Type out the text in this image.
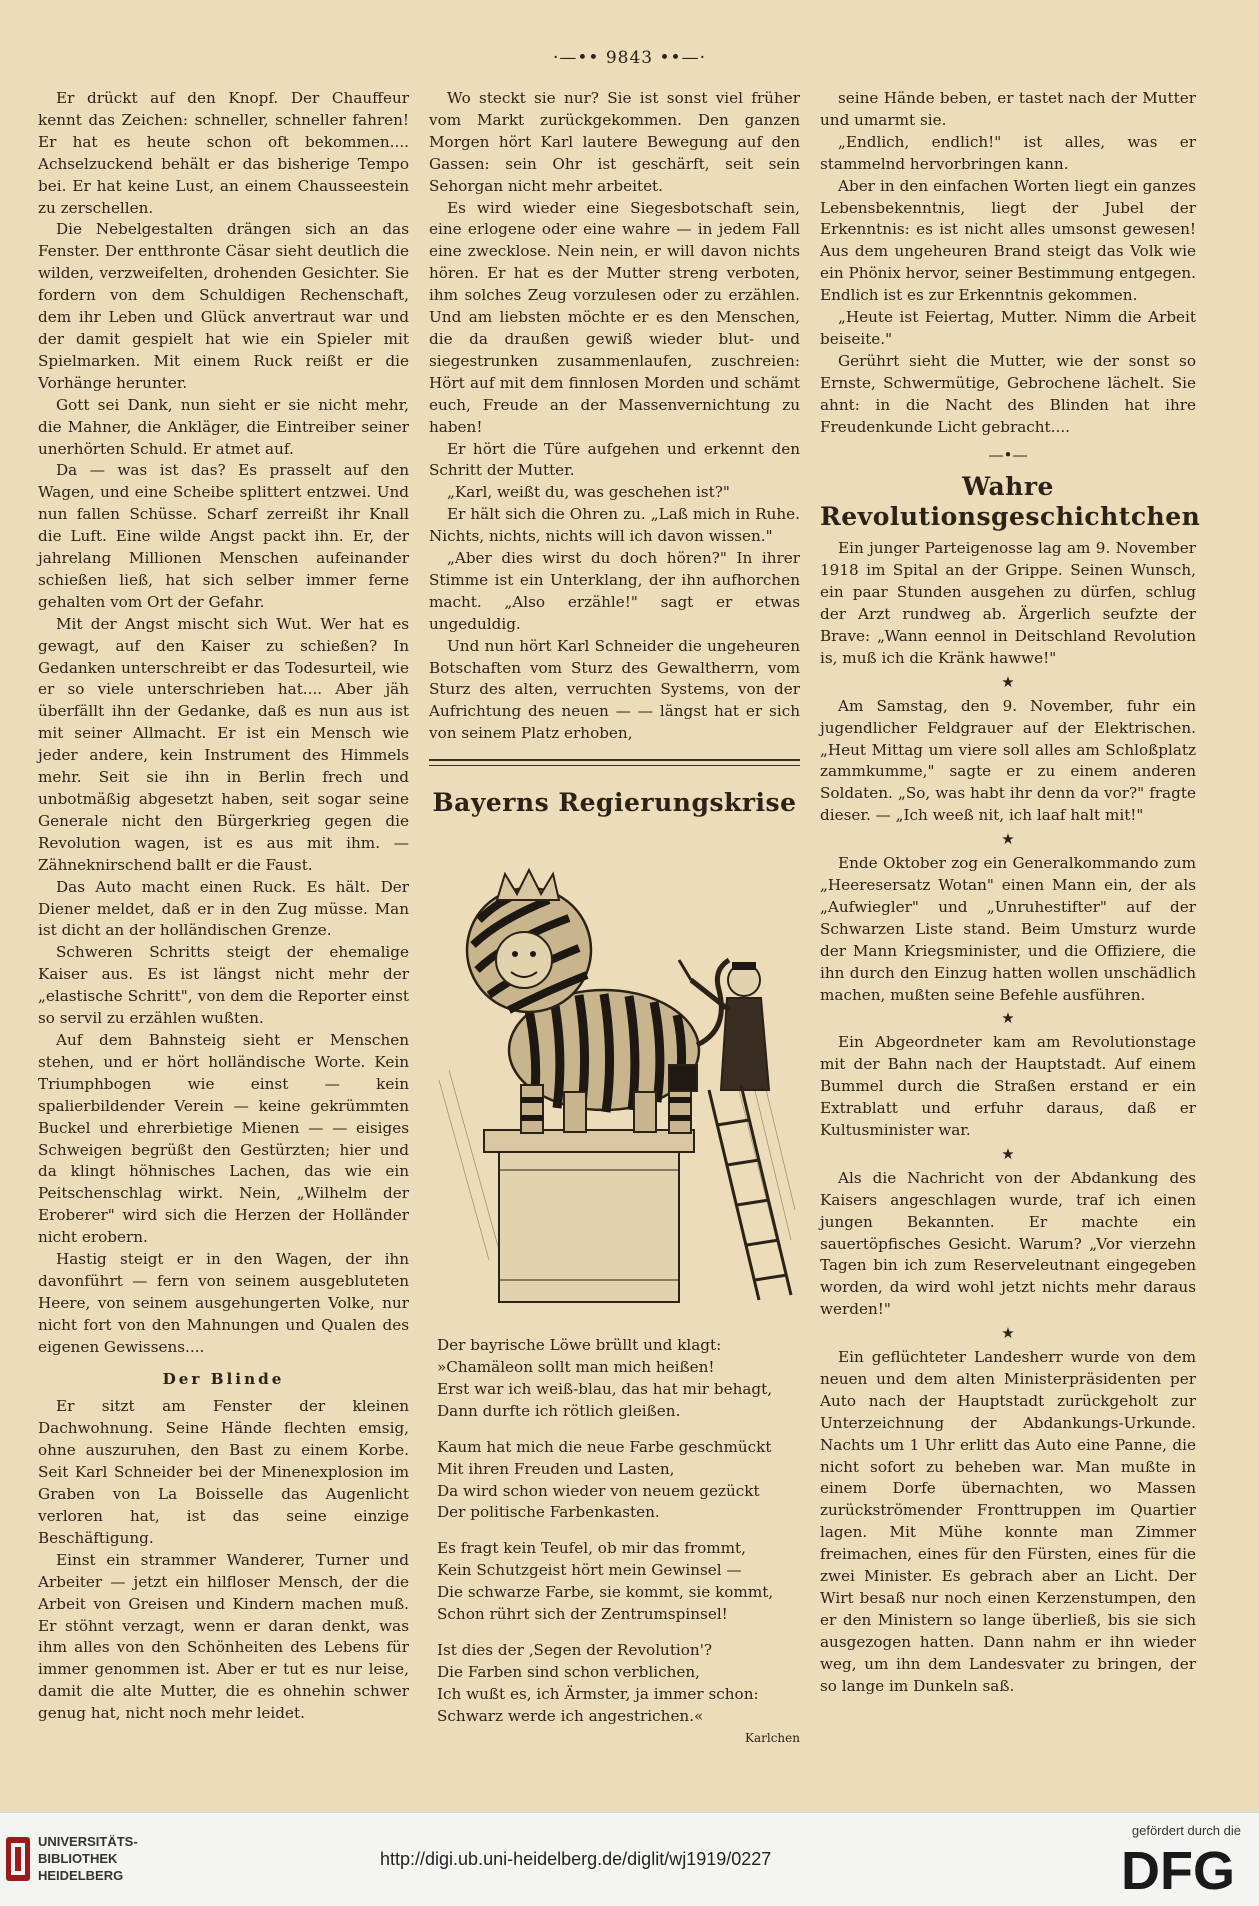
·—•• 9843 ••—·

Er drückt auf den Knopf. Der Chauffeur kennt das Zeichen: schneller, schneller fahren! Er hat es heute schon oft bekommen.... Achselzuckend behält er das bisherige Tempo bei. Er hat keine Lust, an einem Chausseestein zu zerschellen.

Die Nebelgestalten drängen sich an das Fenster. Der entthronte Cäsar sieht deutlich die wilden, verzweifelten, drohenden Gesichter. Sie fordern von dem Schuldigen Rechenschaft, dem ihr Leben und Glück anvertraut war und der damit gespielt hat wie ein Spieler mit Spielmarken. Mit einem Ruck reißt er die Vorhänge herunter.

Gott sei Dank, nun sieht er sie nicht mehr, die Mahner, die Ankläger, die Eintreiber seiner unerhörten Schuld. Er atmet auf.

Da — was ist das? Es prasselt auf den Wagen, und eine Scheibe splittert entzwei. Und nun fallen Schüsse. Scharf zerreißt ihr Knall die Luft. Eine wilde Angst packt ihn. Er, der jahrelang Millionen Menschen aufeinander schießen ließ, hat sich selber immer ferne gehalten vom Ort der Gefahr.

Mit der Angst mischt sich Wut. Wer hat es gewagt, auf den Kaiser zu schießen? In Gedanken unterschreibt er das Todesurteil, wie er so viele unterschrieben hat.... Aber jäh überfällt ihn der Gedanke, daß es nun aus ist mit seiner Allmacht. Er ist ein Mensch wie jeder andere, kein Instrument des Himmels mehr. Seit sie ihn in Berlin frech und unbotmäßig abgesetzt haben, seit sogar seine Generale nicht den Bürgerkrieg gegen die Revolution wagen, ist es aus mit ihm. — Zähneknirschend ballt er die Faust.

Das Auto macht einen Ruck. Es hält. Der Diener meldet, daß er in den Zug müsse. Man ist dicht an der holländischen Grenze.

Schweren Schritts steigt der ehemalige Kaiser aus. Es ist längst nicht mehr der „elastische Schritt", von dem die Reporter einst so servil zu erzählen wußten.

Auf dem Bahnsteig sieht er Menschen stehen, und er hört holländische Worte. Kein Triumphbogen wie einst — kein spalierbildender Verein — keine gekrümmten Buckel und ehrerbietige Mienen — — eisiges Schweigen begrüßt den Gestürzten; hier und da klingt höhnisches Lachen, das wie ein Peitschenschlag wirkt. Nein, „Wilhelm der Eroberer" wird sich die Herzen der Holländer nicht erobern.

Hastig steigt er in den Wagen, der ihn davonführt — fern von seinem ausgebluteten Heere, von seinem ausgehungerten Volke, nur nicht fort von den Mahnungen und Qualen des eigenen Gewissens....

Der Blinde

Er sitzt am Fenster der kleinen Dachwohnung. Seine Hände flechten emsig, ohne auszuruhen, den Bast zu einem Korbe. Seit Karl Schneider bei der Minenexplosion im Graben von La Boisselle das Augenlicht verloren hat, ist das seine einzige Beschäftigung.

Einst ein strammer Wanderer, Turner und Arbeiter — jetzt ein hilfloser Mensch, der die Arbeit von Greisen und Kindern machen muß. Er stöhnt verzagt, wenn er daran denkt, was ihm alles von den Schönheiten des Lebens für immer genommen ist. Aber er tut es nur leise, damit die alte Mutter, die es ohnehin schwer genug hat, nicht noch mehr leidet.

Wo steckt sie nur? Sie ist sonst viel früher vom Markt zurückgekommen. Den ganzen Morgen hört Karl lautere Bewegung auf den Gassen: sein Ohr ist geschärft, seit sein Sehorgan nicht mehr arbeitet.

Es wird wieder eine Siegesbotschaft sein, eine erlogene oder eine wahre — in jedem Fall eine zwecklose. Nein nein, er will davon nichts hören. Er hat es der Mutter streng verboten, ihm solches Zeug vorzulesen oder zu erzählen. Und am liebsten möchte er es den Menschen, die da draußen gewiß wieder blut- und siegestrunken zusammenlaufen, zuschreien: Hört auf mit dem finnlosen Morden und schämt euch, Freude an der Massenvernichtung zu haben!

Er hört die Türe aufgehen und erkennt den Schritt der Mutter.

„Karl, weißt du, was geschehen ist?"

Er hält sich die Ohren zu. „Laß mich in Ruhe. Nichts, nichts, nichts will ich davon wissen."

„Aber dies wirst du doch hören?" In ihrer Stimme ist ein Unterklang, der ihn aufhorchen macht. „Also erzähle!" sagt er etwas ungeduldig.

Und nun hört Karl Schneider die ungeheuren Botschaften vom Sturz des Gewaltherrn, vom Sturz des alten, verruchten Systems, von der Aufrichtung des neuen — — längst hat er sich von seinem Platz erhoben,

Bayerns Regierungskrise

Der bayrische Löwe brüllt und klagt:

»Chamäleon sollt man mich heißen!

Erst war ich weiß-blau, das hat mir behagt,

Dann durfte ich rötlich gleißen.

Kaum hat mich die neue Farbe geschmückt

Mit ihren Freuden und Lasten,

Da wird schon wieder von neuem gezückt

Der politische Farbenkasten.

Es fragt kein Teufel, ob mir das frommt,

Kein Schutzgeist hört mein Gewinsel —

Die schwarze Farbe, sie kommt, sie kommt,

Schon rührt sich der Zentrumspinsel!

Ist dies der ‚Segen der Revolution'?

Die Farben sind schon verblichen,

Ich wußt es, ich Ärmster, ja immer schon:

Schwarz werde ich angestrichen.«

Karlchen

seine Hände beben, er tastet nach der Mutter und umarmt sie.

„Endlich, endlich!" ist alles, was er stammelnd hervorbringen kann.

Aber in den einfachen Worten liegt ein ganzes Lebensbekenntnis, liegt der Jubel der Erkenntnis: es ist nicht alles umsonst gewesen! Aus dem ungeheuren Brand steigt das Volk wie ein Phönix hervor, seiner Bestimmung entgegen. Endlich ist es zur Erkenntnis gekommen.

„Heute ist Feiertag, Mutter. Nimm die Arbeit beiseite."

Gerührt sieht die Mutter, wie der sonst so Ernste, Schwermütige, Gebrochene lächelt. Sie ahnt: in die Nacht des Blinden hat ihre Freudenkunde Licht gebracht....

—•—
Wahre Revolutionsgeschichtchen

Ein junger Parteigenosse lag am 9. November 1918 im Spital an der Grippe. Seinen Wunsch, ein paar Stunden ausgehen zu dürfen, schlug der Arzt rundweg ab. Ärgerlich seufzte der Brave: „Wann eennol in Deitschland Revolution is, muß ich die Kränk hawwe!"

★

Am Samstag, den 9. November, fuhr ein jugendlicher Feldgrauer auf der Elektrischen. „Heut Mittag um viere soll alles am Schloßplatz zammkumme," sagte er zu einem anderen Soldaten. „So, was habt ihr denn da vor?" fragte dieser. — „Ich weeß nit, ich laaf halt mit!"

★

Ende Oktober zog ein Generalkommando zum „Heeresersatz Wotan" einen Mann ein, der als „Aufwiegler" und „Unruhestifter" auf der Schwarzen Liste stand. Beim Umsturz wurde der Mann Kriegsminister, und die Offiziere, die ihn durch den Einzug hatten wollen unschädlich machen, mußten seine Befehle ausführen.

★

Ein Abgeordneter kam am Revolutionstage mit der Bahn nach der Hauptstadt. Auf einem Bummel durch die Straßen erstand er ein Extrablatt und erfuhr daraus, daß er Kultusminister war.

★

Als die Nachricht von der Abdankung des Kaisers angeschlagen wurde, traf ich einen jungen Bekannten. Er machte ein sauertöpfisches Gesicht. Warum? „Vor vierzehn Tagen bin ich zum Reserveleutnant eingegeben worden, da wird wohl jetzt nichts mehr daraus werden!"

★

Ein geflüchteter Landesherr wurde von dem neuen und dem alten Ministerpräsidenten per Auto nach der Hauptstadt zurückgeholt zur Unterzeichnung der Abdankungs-Urkunde. Nachts um 1 Uhr erlitt das Auto eine Panne, die nicht sofort zu beheben war. Man mußte in einem Dorfe übernachten, wo Massen zurückströmender Fronttruppen im Quartier lagen. Mit Mühe konnte man Zimmer freimachen, eines für den Fürsten, eines für die zwei Minister. Es gebrach aber an Licht. Der Wirt besaß nur noch einen Kerzenstumpen, den er den Ministern so lange überließ, bis sie sich ausgezogen hatten. Dann nahm er ihn wieder weg, um ihn dem Landesvater zu bringen, der so lange im Dunkeln saß.

UNIVERSITÄTS-
BIBLIOTHEK
HEIDELBERG
http://digi.ub.uni-heidelberg.de/diglit/wj1919/0227
gefördert durch die
DFG
